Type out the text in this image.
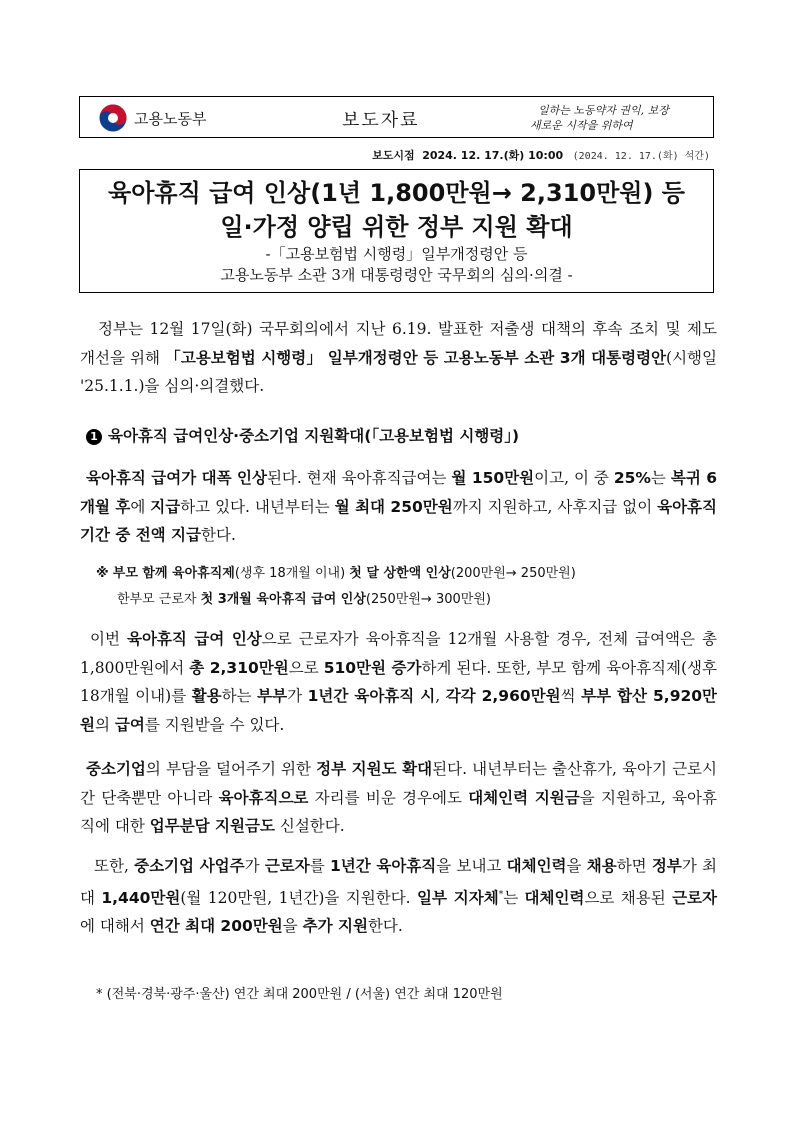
고용노동부	보도자료	일하는 노동약자 권익, 보장
새로운 시작을 위하여
보도시점 2024. 12. 17.(화) 10:00 (2024. 12. 17.(화) 석간)
육아휴직 급여 인상(1년 1,800만원→ 2,310만원) 등
일·가정 양립 위한 정부 지원 확대
-「고용보험법 시행령」일부개정령안 등
고용노동부 소관 3개 대통령령안 국무회의 심의·의결 -
정부는 12월 17일(화) 국무회의에서 지난 6.19. 발표한 저출생 대책의 후속 조치 및 제도 개선을 위해 「고용보험법 시행령」 일부개정령안 등 고용노동부 소관 3개 대통령령안(시행일 '25.1.1.)을 심의·의결했다.
1 육아휴직 급여인상·중소기업 지원확대(「고용보험법 시행령」)
육아휴직 급여가 대폭 인상된다. 현재 육아휴직급여는 월 150만원이고, 이 중 25%는 복귀 6개월 후에 지급하고 있다. 내년부터는 월 최대 250만원까지 지원하고, 사후지급 없이 육아휴직기간 중 전액 지급한다.
※ 부모 함께 육아휴직제(생후 18개월 이내) 첫 달 상한액 인상(200만원→ 250만원)
한부모 근로자 첫 3개월 육아휴직 급여 인상(250만원→ 300만원)
이번 육아휴직 급여 인상으로 근로자가 육아휴직을 12개월 사용할 경우, 전체 급여액은 총 1,800만원에서 총 2,310만원으로 510만원 증가하게 된다. 또한, 부모 함께 육아휴직제(생후 18개월 이내)를 활용하는 부부가 1년간 육아휴직 시, 각각 2,960만원씩 부부 합산 5,920만원의 급여를 지원받을 수 있다.
중소기업의 부담을 덜어주기 위한 정부 지원도 확대된다. 내년부터는 출산휴가, 육아기 근로시간 단축뿐만 아니라 육아휴직으로 자리를 비운 경우에도 대체인력 지원금을 지원하고, 육아휴직에 대한 업무분담 지원금도 신설한다.
또한, 중소기업 사업주가 근로자를 1년간 육아휴직을 보내고 대체인력을 채용하면 정부가 최대 1,440만원(월 120만원, 1년간)을 지원한다. 일부 지자체*는 대체인력으로 채용된 근로자에 대해서 연간 최대 200만원을 추가 지원한다.
* (전북·경북·광주·울산) 연간 최대 200만원 / (서울) 연간 최대 120만원
